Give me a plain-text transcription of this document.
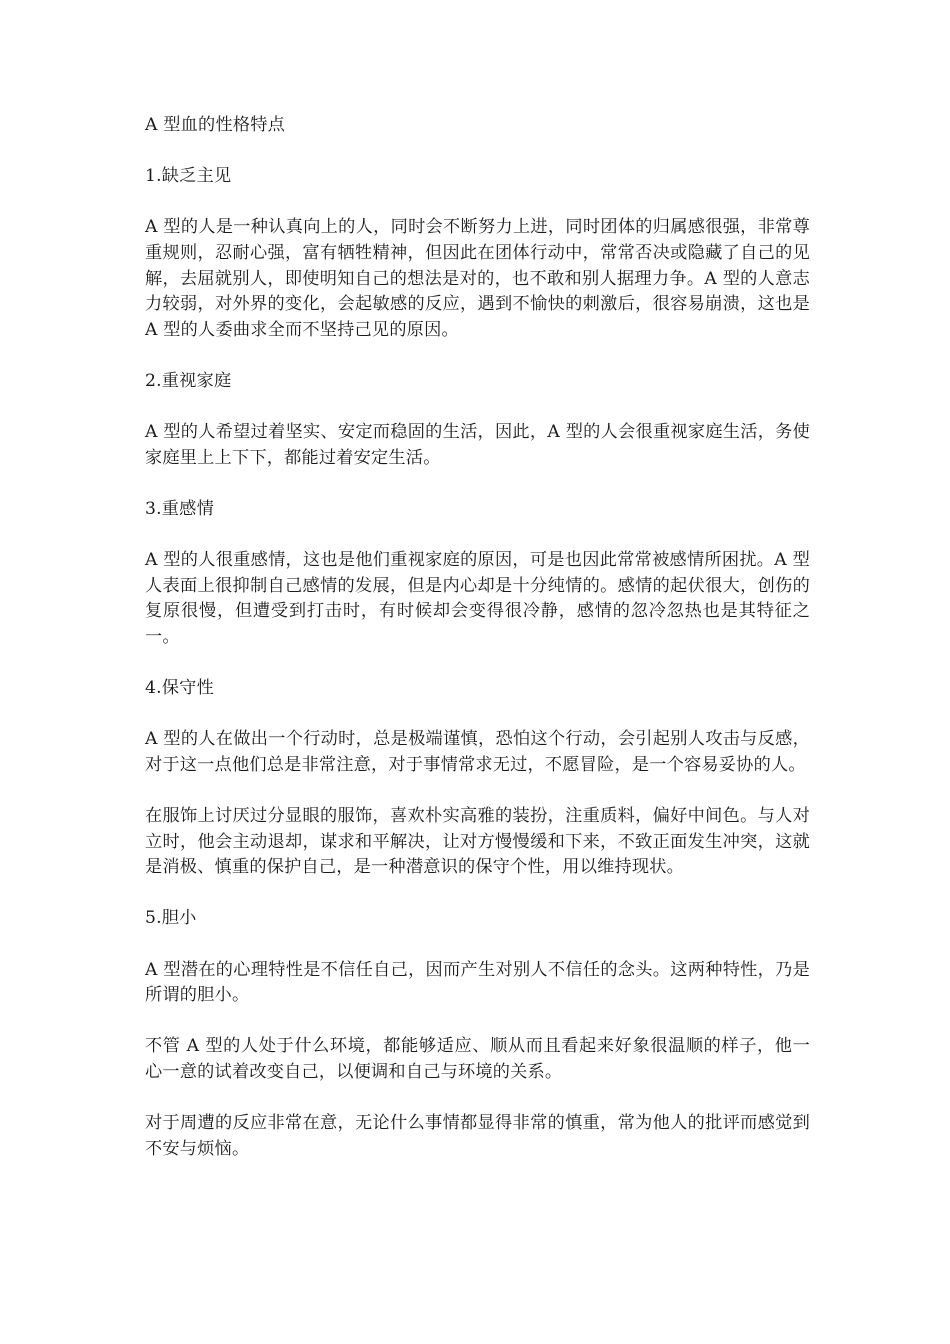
A 型血的性格特点

1.缺乏主见

A 型的人是一种认真向上的人，同时会不断努力上进，同时团体的归属感很强，非常尊重规则，忍耐心强，富有牺牲精神，但因此在团体行动中，常常否决或隐藏了自己的见解，去屈就别人，即使明知自己的想法是对的，也不敢和别人据理力争。A 型的人意志力较弱，对外界的变化，会起敏感的反应，遇到不愉快的刺激后，很容易崩溃，这也是 A 型的人委曲求全而不坚持己见的原因。

2.重视家庭

A 型的人希望过着坚实、安定而稳固的生活，因此，A 型的人会很重视家庭生活，务使家庭里上上下下，都能过着安定生活。

3.重感情

A 型的人很重感情，这也是他们重视家庭的原因，可是也因此常常被感情所困扰。A 型人表面上很抑制自己感情的发展，但是内心却是十分纯情的。感情的起伏很大，创伤的复原很慢，但遭受到打击时，有时候却会变得很冷静，感情的忽冷忽热也是其特征之一。

4.保守性

A 型的人在做出一个行动时，总是极端谨慎，恐怕这个行动，会引起别人攻击与反感，对于这一点他们总是非常注意，对于事情常求无过，不愿冒险，是一个容易妥协的人。

在服饰上讨厌过分显眼的服饰，喜欢朴实高雅的装扮，注重质料，偏好中间色。与人对立时，他会主动退却，谋求和平解决，让对方慢慢缓和下来，不致正面发生冲突，这就是消极、慎重的保护自己，是一种潜意识的保守个性，用以维持现状。

5.胆小

A 型潜在的心理特性是不信任自己，因而产生对别人不信任的念头。这两种特性，乃是所谓的胆小。

不管 A 型的人处于什么环境，都能够适应、顺从而且看起来好象很温顺的样子，他一心一意的试着改变自己，以便调和自己与环境的关系。

对于周遭的反应非常在意，无论什么事情都显得非常的慎重，常为他人的批评而感觉到不安与烦恼。
